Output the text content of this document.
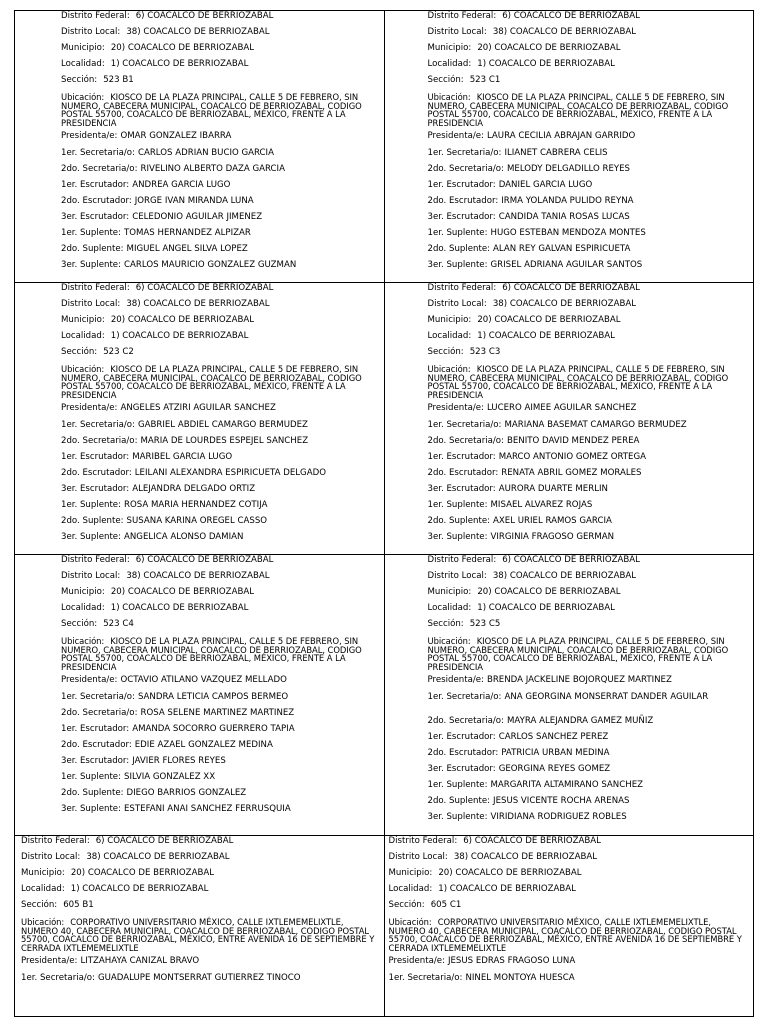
Distrito Federal: 6) COACALCO DE BERRIOZABAL
Distrito Local: 38) COACALCO DE BERRIOZABAL
Municipio: 20) COACALCO DE BERRIOZABAL
Localidad: 1) COACALCO DE BERRIOZABAL
Sección: 523 B1
Ubicación: KIOSCO DE LA PLAZA PRINCIPAL, CALLE 5 DE FEBRERO, SIN NUMERO, CABECERA MUNICIPAL, COACALCO DE BERRIOZABAL, CODIGO POSTAL 55700, COACALCO DE BERRIOZABAL, MÉXICO, FRENTE A LA PRESIDENCIA
Presidenta/e: OMAR GONZALEZ IBARRA
1er. Secretaria/o: CARLOS ADRIAN BUCIO GARCIA
2do. Secretaria/o: RIVELINO ALBERTO DAZA GARCIA
1er. Escrutador: ANDREA GARCIA LUGO
2do. Escrutador: JORGE IVAN MIRANDA LUNA
3er. Escrutador: CELEDONIO AGUILAR JIMENEZ
1er. Suplente: TOMAS HERNANDEZ ALPIZAR
2do. Suplente: MIGUEL ANGEL SILVA LOPEZ
3er. Suplente: CARLOS MAURICIO GONZALEZ GUZMAN
Distrito Federal: 6) COACALCO DE BERRIOZABAL
Distrito Local: 38) COACALCO DE BERRIOZABAL
Municipio: 20) COACALCO DE BERRIOZABAL
Localidad: 1) COACALCO DE BERRIOZABAL
Sección: 523 C1
Ubicación: KIOSCO DE LA PLAZA PRINCIPAL, CALLE 5 DE FEBRERO, SIN NUMERO, CABECERA MUNICIPAL, COACALCO DE BERRIOZABAL, CODIGO POSTAL 55700, COACALCO DE BERRIOZABAL, MÉXICO, FRENTE A LA PRESIDENCIA
Presidenta/e: LAURA CECILIA ABRAJAN GARRIDO
1er. Secretaria/o: ILIANET CABRERA CELIS
2do. Secretaria/o: MELODY DELGADILLO REYES
1er. Escrutador: DANIEL GARCIA LUGO
2do. Escrutador: IRMA YOLANDA PULIDO REYNA
3er. Escrutador: CANDIDA TANIA ROSAS LUCAS
1er. Suplente: HUGO ESTEBAN MENDOZA MONTES
2do. Suplente: ALAN REY GALVAN ESPIRICUETA
3er. Suplente: GRISEL ADRIANA AGUILAR SANTOS
Distrito Federal: 6) COACALCO DE BERRIOZABAL
Distrito Local: 38) COACALCO DE BERRIOZABAL
Municipio: 20) COACALCO DE BERRIOZABAL
Localidad: 1) COACALCO DE BERRIOZABAL
Sección: 523 C2
Ubicación: KIOSCO DE LA PLAZA PRINCIPAL, CALLE 5 DE FEBRERO, SIN NUMERO, CABECERA MUNICIPAL, COACALCO DE BERRIOZABAL, CODIGO POSTAL 55700, COACALCO DE BERRIOZABAL, MÉXICO, FRENTE A LA PRESIDENCIA
Presidenta/e: ANGELES ATZIRI AGUILAR SANCHEZ
1er. Secretaria/o: GABRIEL ABDIEL CAMARGO BERMUDEZ
2do. Secretaria/o: MARIA DE LOURDES ESPEJEL SANCHEZ
1er. Escrutador: MARIBEL GARCIA LUGO
2do. Escrutador: LEILANI ALEXANDRA ESPIRICUETA DELGADO
3er. Escrutador: ALEJANDRA DELGADO ORTIZ
1er. Suplente: ROSA MARIA HERNANDEZ COTIJA
2do. Suplente: SUSANA KARINA OREGEL CASSO
3er. Suplente: ANGELICA ALONSO DAMIAN
Distrito Federal: 6) COACALCO DE BERRIOZABAL
Distrito Local: 38) COACALCO DE BERRIOZABAL
Municipio: 20) COACALCO DE BERRIOZABAL
Localidad: 1) COACALCO DE BERRIOZABAL
Sección: 523 C3
Ubicación: KIOSCO DE LA PLAZA PRINCIPAL, CALLE 5 DE FEBRERO, SIN NUMERO, CABECERA MUNICIPAL, COACALCO DE BERRIOZABAL, CODIGO POSTAL 55700, COACALCO DE BERRIOZABAL, MÉXICO, FRENTE A LA PRESIDENCIA
Presidenta/e: LUCERO AIMEE AGUILAR SANCHEZ
1er. Secretaria/o: MARIANA BASEMAT CAMARGO BERMUDEZ
2do. Secretaria/o: BENITO DAVID MENDEZ PEREA
1er. Escrutador: MARCO ANTONIO GOMEZ ORTEGA
2do. Escrutador: RENATA ABRIL GOMEZ MORALES
3er. Escrutador: AURORA DUARTE MERLIN
1er. Suplente: MISAEL ALVAREZ ROJAS
2do. Suplente: AXEL URIEL RAMOS GARCIA
3er. Suplente: VIRGINIA FRAGOSO GERMAN
Distrito Federal: 6) COACALCO DE BERRIOZABAL
Distrito Local: 38) COACALCO DE BERRIOZABAL
Municipio: 20) COACALCO DE BERRIOZABAL
Localidad: 1) COACALCO DE BERRIOZABAL
Sección: 523 C4
Ubicación: KIOSCO DE LA PLAZA PRINCIPAL, CALLE 5 DE FEBRERO, SIN NUMERO, CABECERA MUNICIPAL, COACALCO DE BERRIOZABAL, CODIGO POSTAL 55700, COACALCO DE BERRIOZABAL, MÉXICO, FRENTE A LA PRESIDENCIA
Presidenta/e: OCTAVIO ATILANO VAZQUEZ MELLADO
1er. Secretaria/o: SANDRA LETICIA CAMPOS BERMEO
2do. Secretaria/o: ROSA SELENE MARTINEZ MARTINEZ
1er. Escrutador: AMANDA SOCORRO GUERRERO TAPIA
2do. Escrutador: EDIE AZAEL GONZALEZ MEDINA
3er. Escrutador: JAVIER FLORES REYES
1er. Suplente: SILVIA GONZALEZ XX
2do. Suplente: DIEGO BARRIOS GONZALEZ
3er. Suplente: ESTEFANI ANAI SANCHEZ FERRUSQUIA
Distrito Federal: 6) COACALCO DE BERRIOZABAL
Distrito Local: 38) COACALCO DE BERRIOZABAL
Municipio: 20) COACALCO DE BERRIOZABAL
Localidad: 1) COACALCO DE BERRIOZABAL
Sección: 523 C5
Ubicación: KIOSCO DE LA PLAZA PRINCIPAL, CALLE 5 DE FEBRERO, SIN NUMERO, CABECERA MUNICIPAL, COACALCO DE BERRIOZABAL, CODIGO POSTAL 55700, COACALCO DE BERRIOZABAL, MÉXICO, FRENTE A LA PRESIDENCIA
Presidenta/e: BRENDA JACKELINE BOJORQUEZ MARTINEZ
1er. Secretaria/o: ANA GEORGINA MONSERRAT DANDER AGUILAR
2do. Secretaria/o: MAYRA ALEJANDRA GAMEZ MUÑIZ
1er. Escrutador: CARLOS SANCHEZ PEREZ
2do. Escrutador: PATRICIA URBAN MEDINA
3er. Escrutador: GEORGINA REYES GOMEZ
1er. Suplente: MARGARITA ALTAMIRANO SANCHEZ
2do. Suplente: JESUS VICENTE ROCHA ARENAS
3er. Suplente: VIRIDIANA RODRIGUEZ ROBLES
Distrito Federal: 6) COACALCO DE BERRIOZABAL
Distrito Local: 38) COACALCO DE BERRIOZABAL
Municipio: 20) COACALCO DE BERRIOZABAL
Localidad: 1) COACALCO DE BERRIOZABAL
Sección: 605 B1
Ubicación: CORPORATIVO UNIVERSITARIO MÉXICO, CALLE IXTLEMEMELIXTLE, NUMERO 40, CABECERA MUNICIPAL, COACALCO DE BERRIOZABAL, CODIGO POSTAL 55700, COACALCO DE BERRIOZABAL, MÉXICO, ENTRE AVENIDA 16 DE SEPTIEMBRE Y CERRADA IXTLEMEMELIXTLE
Presidenta/e: LITZAHAYA CANIZAL BRAVO
1er. Secretaria/o: GUADALUPE MONTSERRAT GUTIERREZ TINOCO
Distrito Federal: 6) COACALCO DE BERRIOZABAL
Distrito Local: 38) COACALCO DE BERRIOZABAL
Municipio: 20) COACALCO DE BERRIOZABAL
Localidad: 1) COACALCO DE BERRIOZABAL
Sección: 605 C1
Ubicación: CORPORATIVO UNIVERSITARIO MÉXICO, CALLE IXTLEMEMELIXTLE, NUMERO 40, CABECERA MUNICIPAL, COACALCO DE BERRIOZABAL, CODIGO POSTAL 55700, COACALCO DE BERRIOZABAL, MÉXICO, ENTRE AVENIDA 16 DE SEPTIEMBRE Y CERRADA IXTLEMEMELIXTLE
Presidenta/e: JESUS EDRAS FRAGOSO LUNA
1er. Secretaria/o: NINEL MONTOYA HUESCA
